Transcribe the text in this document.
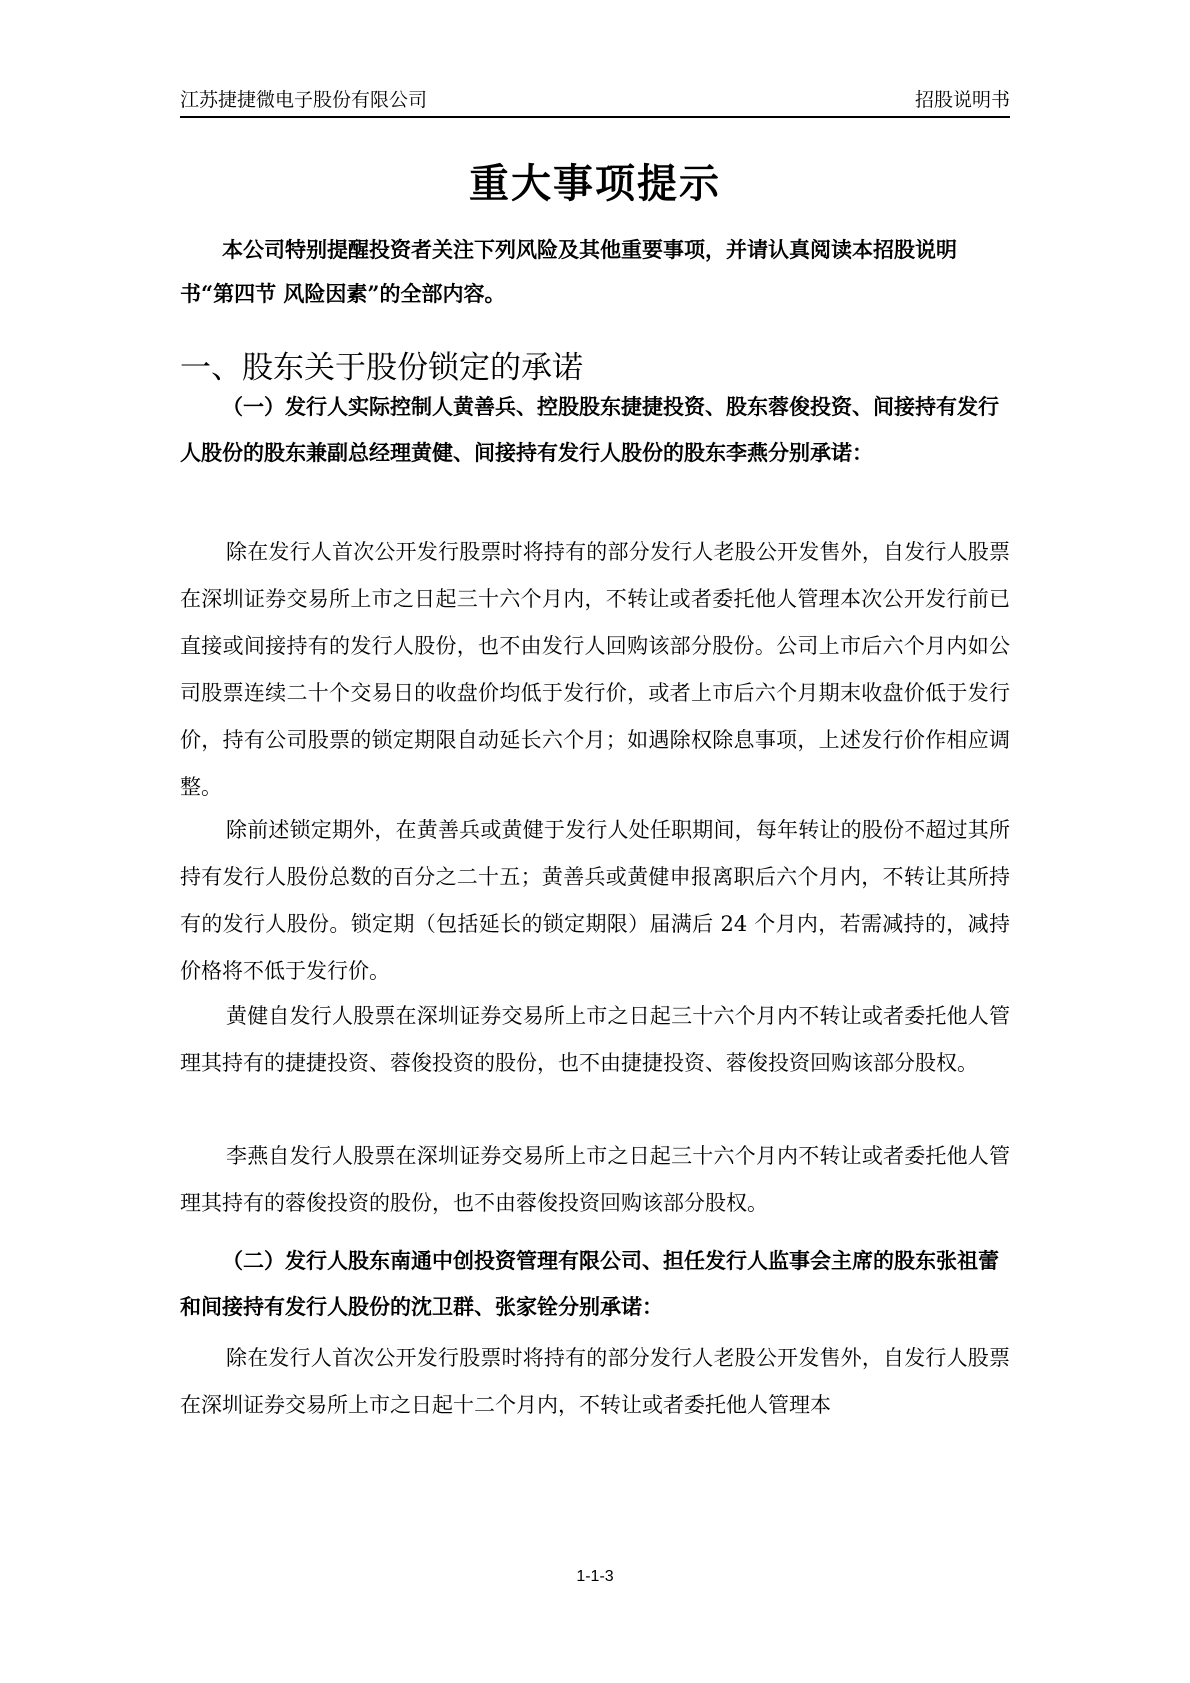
江苏捷捷微电子股份有限公司	招股说明书
重大事项提示

本公司特别提醒投资者关注下列风险及其他重要事项，并请认真阅读本招股说明书“第四节 风险因素”的全部内容。

一、股东关于股份锁定的承诺

（一）发行人实际控制人黄善兵、控股股东捷捷投资、股东蓉俊投资、间接持有发行人股份的股东兼副总经理黄健、间接持有发行人股份的股东李燕分别承诺：

除在发行人首次公开发行股票时将持有的部分发行人老股公开发售外，自发行人股票在深圳证券交易所上市之日起三十六个月内，不转让或者委托他人管理本次公开发行前已直接或间接持有的发行人股份，也不由发行人回购该部分股份。公司上市后六个月内如公司股票连续二十个交易日的收盘价均低于发行价，或者上市后六个月期末收盘价低于发行价，持有公司股票的锁定期限自动延长六个月；如遇除权除息事项，上述发行价作相应调整。

除前述锁定期外，在黄善兵或黄健于发行人处任职期间，每年转让的股份不超过其所持有发行人股份总数的百分之二十五；黄善兵或黄健申报离职后六个月内，不转让其所持有的发行人股份。锁定期（包括延长的锁定期限）届满后 24 个月内，若需减持的，减持价格将不低于发行价。

黄健自发行人股票在深圳证券交易所上市之日起三十六个月内不转让或者委托他人管理其持有的捷捷投资、蓉俊投资的股份，也不由捷捷投资、蓉俊投资回购该部分股权。

李燕自发行人股票在深圳证券交易所上市之日起三十六个月内不转让或者委托他人管理其持有的蓉俊投资的股份，也不由蓉俊投资回购该部分股权。

（二）发行人股东南通中创投资管理有限公司、担任发行人监事会主席的股东张祖蕾和间接持有发行人股份的沈卫群、张家铨分别承诺：

除在发行人首次公开发行股票时将持有的部分发行人老股公开发售外，自发行人股票在深圳证券交易所上市之日起十二个月内，不转让或者委托他人管理本

1-1-3
